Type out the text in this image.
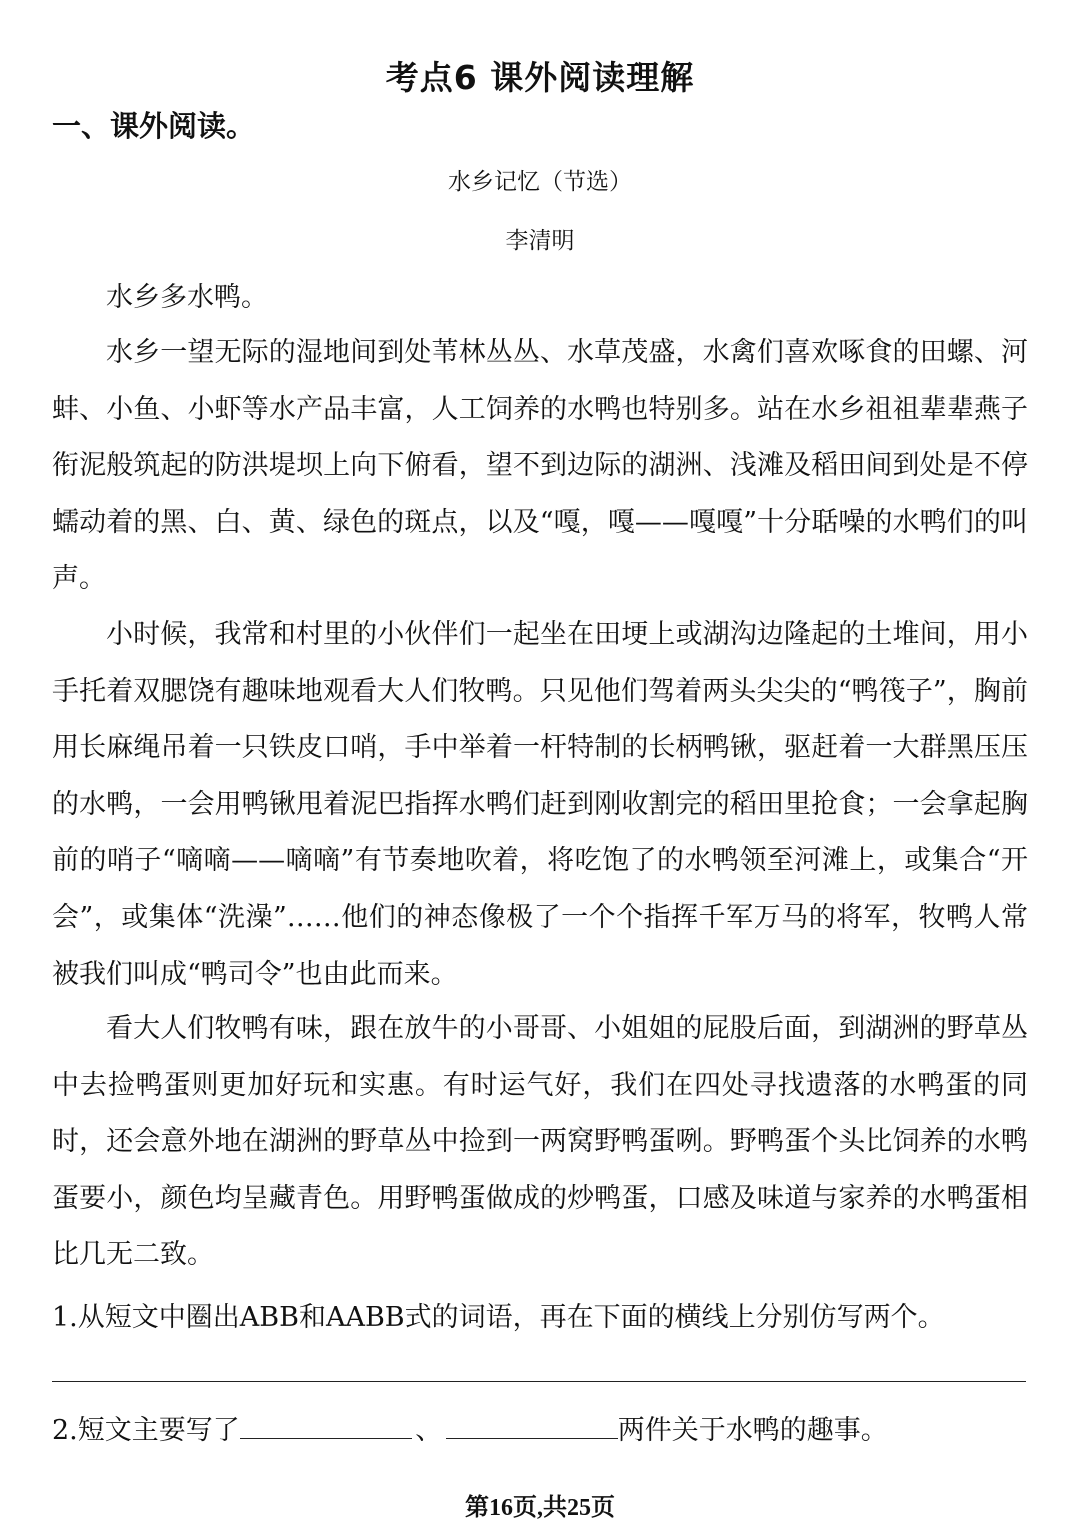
考点6 课外阅读理解
一、课外阅读。
水乡记忆（节选）
李清明

水乡多水鸭。

水乡一望无际的湿地间到处苇林丛丛、水草茂盛，水禽们喜欢啄食的田螺、河蚌、小鱼、小虾等水产品丰富，人工饲养的水鸭也特别多。站在水乡祖祖辈辈燕子衔泥般筑起的防洪堤坝上向下俯看，望不到边际的湖洲、浅滩及稻田间到处是不停蠕动着的黑、白、黄、绿色的斑点，以及“嘎，嘎——嘎嘎”十分聒噪的水鸭们的叫声。

小时候，我常和村里的小伙伴们一起坐在田埂上或湖沟边隆起的土堆间，用小手托着双腮饶有趣味地观看大人们牧鸭。只见他们驾着两头尖尖的“鸭筏子”，胸前用长麻绳吊着一只铁皮口哨，手中举着一杆特制的长柄鸭锹，驱赶着一大群黑压压的水鸭，一会用鸭锹甩着泥巴指挥水鸭们赶到刚收割完的稻田里抢食；一会拿起胸前的哨子“嘀嘀——嘀嘀”有节奏地吹着，将吃饱了的水鸭领至河滩上，或集合“开会”，或集体“洗澡”……他们的神态像极了一个个指挥千军万马的将军，牧鸭人常被我们叫成“鸭司令”也由此而来。

看大人们牧鸭有味，跟在放牛的小哥哥、小姐姐的屁股后面，到湖洲的野草丛中去捡鸭蛋则更加好玩和实惠。有时运气好，我们在四处寻找遗落的水鸭蛋的同时，还会意外地在湖洲的野草丛中捡到一两窝野鸭蛋咧。野鸭蛋个头比饲养的水鸭蛋要小，颜色均呈藏青色。用野鸭蛋做成的炒鸭蛋，口感及味道与家养的水鸭蛋相比几无二致。

1.从短文中圈出ABB和AABB式的词语，再在下面的横线上分别仿写两个。
2.短文主要写了	、	两件关于水鸭的趣事。
第16页,共25页
